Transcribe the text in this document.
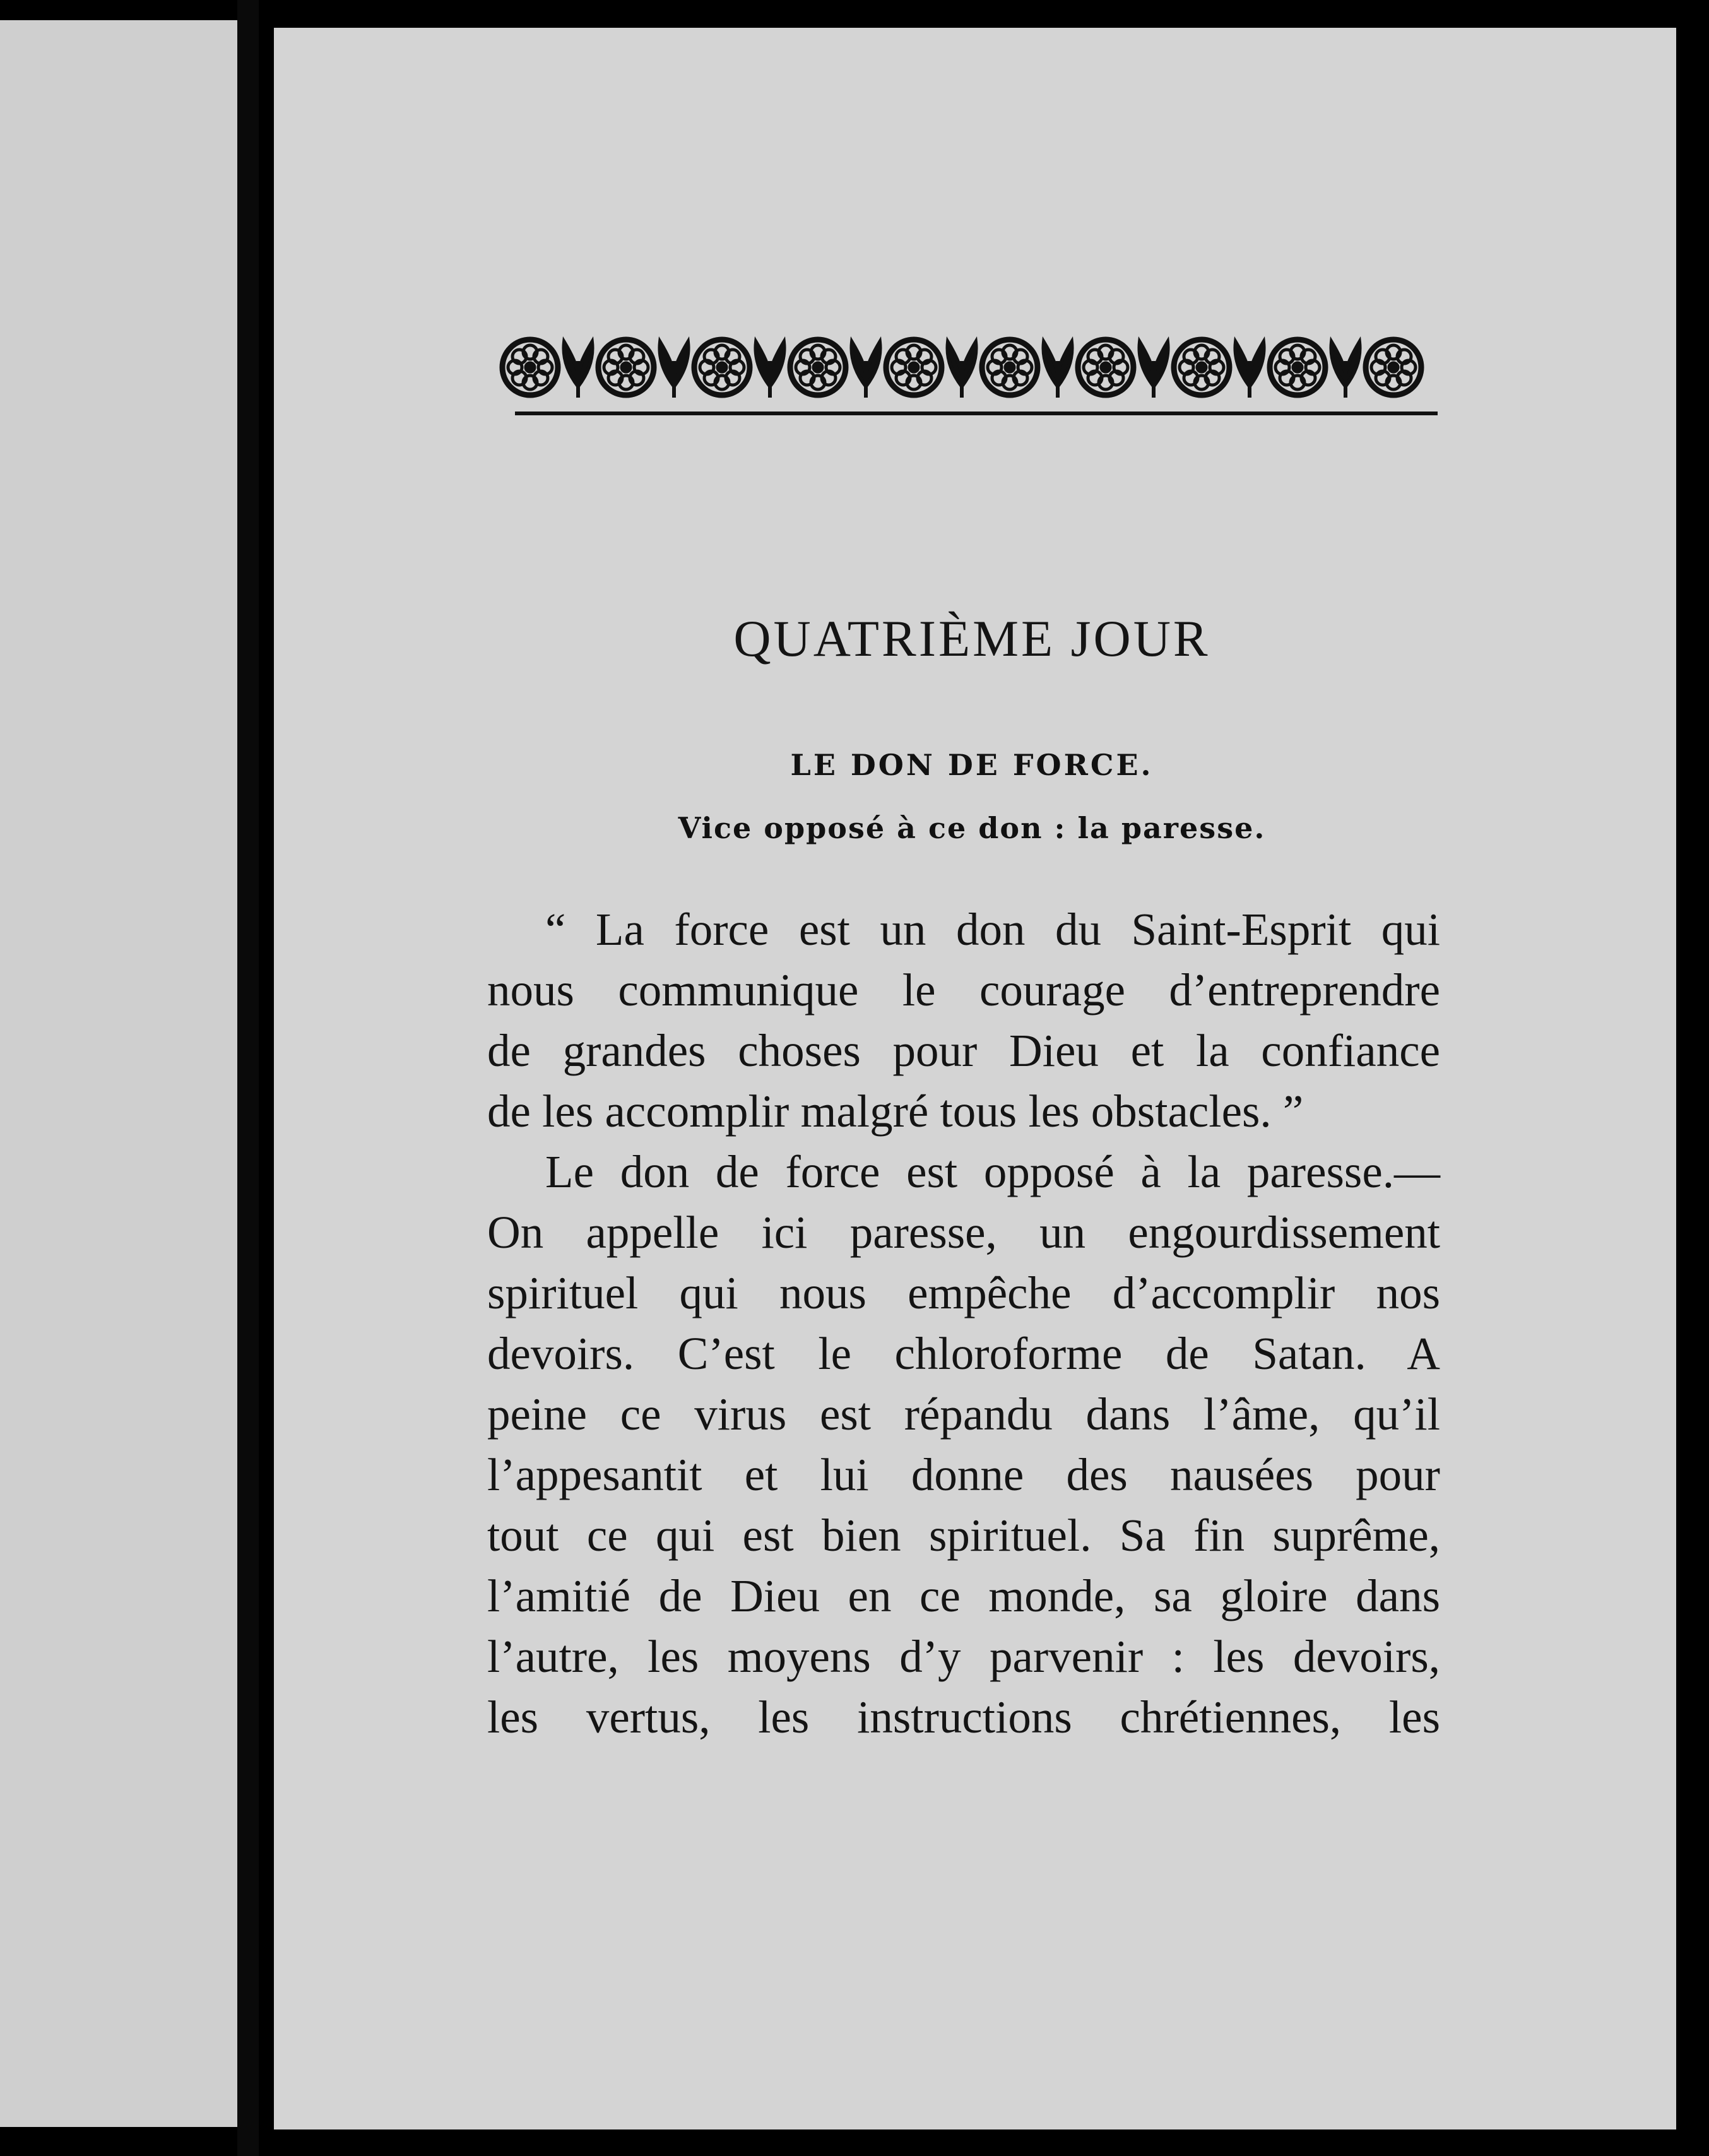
QUATRIÈME JOUR
LE DON DE FORCE.
Vice opposé à ce don : la paresse.
“ La force est un don du Saint-Esprit qui
nous communique le courage d’entreprendre
de grandes choses pour Dieu et la confiance
de les accomplir malgré tous les obstacles. ”
Le don de force est opposé à la paresse.—
On appelle ici paresse, un engourdissement
spirituel qui nous empêche d’accomplir nos
devoirs. C’est le chloroforme de Satan. A
peine ce virus est répandu dans l’âme, qu’il
l’appesantit et lui donne des nausées pour
tout ce qui est bien spirituel. Sa fin suprême,
l’amitié de Dieu en ce monde, sa gloire dans
l’autre, les moyens d’y parvenir : les devoirs,
les vertus, les instructions chrétiennes, les
